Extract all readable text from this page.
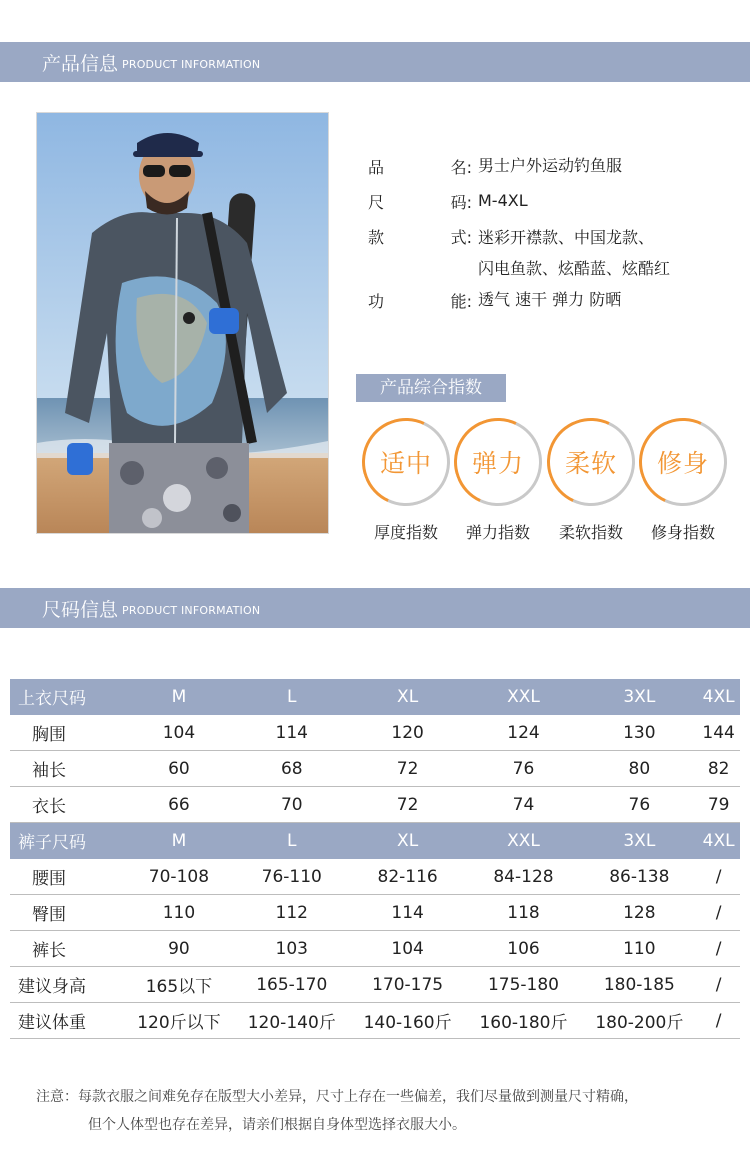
产品信息 PRODUCT INFORMATION
品	名: 男士户外运动钓鱼服
尺	码: M-4XL
款	式: 迷彩开襟款、中国龙款、
闪电鱼款、炫酷蓝、炫酷红
功	能: 透气 速干 弹力 防晒
产品综合指数
适中 弹力 柔软 修身
厚度指数	弹力指数	柔软指数	修身指数
尺码信息 PRODUCT INFORMATION
上衣尺码	M	L	XL	XXL	3XL	4XL
胸围	104	114	120	124	130	144
袖长	60	68	72	76	80	82
衣长	66	70	72	74	76	79
裤子尺码	M	L	XL	XXL	3XL	4XL
腰围	70-108	76-110	82-116	84-128	86-138	/
臀围	110	112	114	118	128	/
裤长	90	103	104	106	110	/
建议身高	165以下	165-170	170-175	175-180	180-185	/
建议体重	120斤以下	120-140斤	140-160斤	160-180斤	180-200斤	/
注意：每款衣服之间难免存在版型大小差异，尺寸上存在一些偏差，我们尽量做到测量尺寸精确，
但个人体型也存在差异，请亲们根据自身体型选择衣服大小。
